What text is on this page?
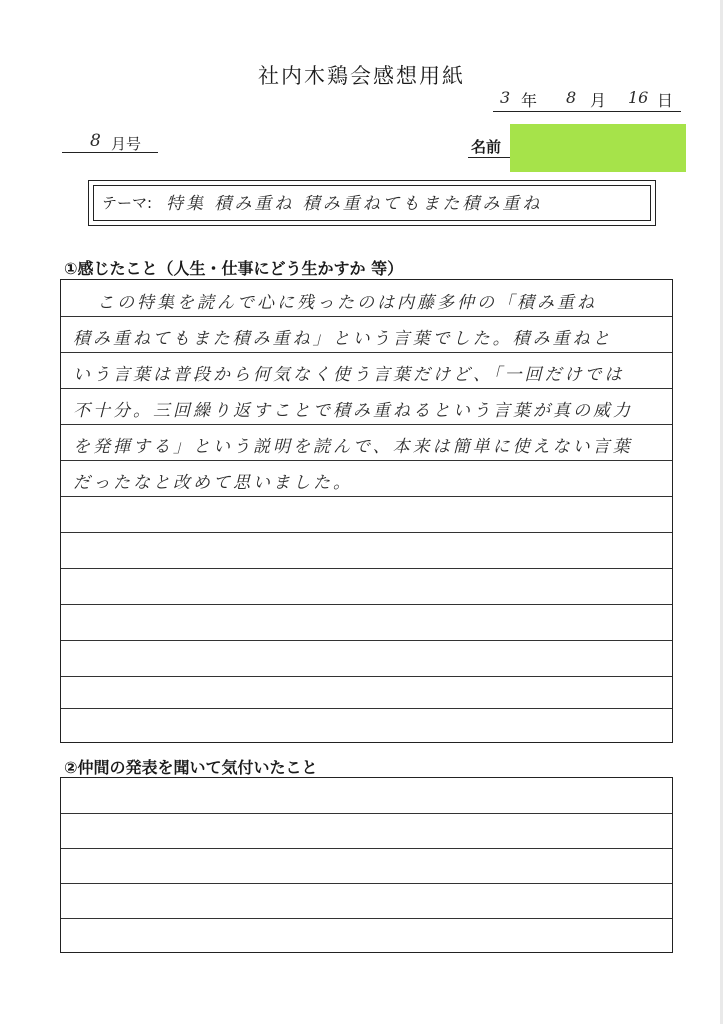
社内木鶏会感想用紙
3 年 8 月 16 日
8 月号	名前
テーマ: 特集 積み重ね 積み重ねてもまた積み重ね
①感じたこと（人生・仕事にどう生かすか 等）
この特集を読んで心に残ったのは内藤多仲の「積み重ね
積み重ねてもまた積み重ね」という言葉でした。積み重ねと
いう言葉は普段から何気なく使う言葉だけど、「一回だけでは
不十分。三回繰り返すことで積み重ねるという言葉が真の威力
を発揮する」という説明を読んで、本来は簡単に使えない言葉
だったなと改めて思いました。
②仲間の発表を聞いて気付いたこと
